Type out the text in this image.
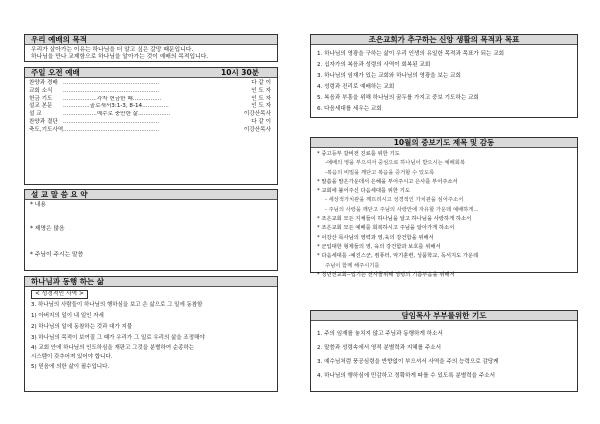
우리 예배의 목적
우리가 살아가는 이유는 하나님을 더 알고 싶은 갈망 때문입니다.
하나님을 만나 교제함으로 하나님을 알아가는 것이 예배의 목적입니다.
주일 오전 예배	10시 30분
찬양과 경배 ......................................................	다 같 이
교회 소식	......................................................	인 도 자
헌금 기도	...................각자 헌금한 때................	인 도 자
설교 본문	...............골로새서3:1-3, 8-14...............	인 도 자
설 교	...................예수로 충만한 삶..................	이강산목사
찬양과 결단 ......................................................	다 같 이
축도,기도사역 ......................................................	이강산목사
설 교 말 씀 요 약
* 내용
* 제명은 많음
* 주님이 주시는 말씀
하나님과 동행 하는 삶
< 성경적인 사역 >
3. 하나님의 사람들이 하나님의 행하심을 보고 은 삶으로 그 일에 동참함
1) 아버지의 일이 내 일인 자세
2) 하나님의 일에 동참하는 것과 대가 지불
3) 하나님의 목적이 보여질 그 때가 우리가 그 일로 우리의 삶을 조정해야
4) 교회 안에 하나님의 인도하심을 재판고 그것을 분별하여 순종하는
시스템이 갖추어져 있어야 합니다.
5) 믿음에 의한 삶이 필수입니다.
조은교회가 추구하는 신앙 생활의 목적과 목표
1. 하나님의 영광을 구하는 삶이 우리 인생의 유일한 목적과 목표가 되는 교회
2. 십자가의 복음과 성령의 사역이 회복된 교회
3. 하나님의 임재가 있는 교회와 하나님의 영광을 보는 교회
4. 성령과 진리로 예배하는 교회
5. 복음과 부흥을 위해 하나님의 꿈두를 가지고 중보 기도하는 교회
6. 다음세대를 세우는 교회
10월의 중보기도 제목 및 감동
* 중고등부 갈비전 진료를 위한 기도
-예배의 영을 부으셔서 중심으로 하나님이 받으시는 예배회복
-복음의 비밀을 깨닫고 복음을 증거할 수 있도록
* 말씀을 맘은가운데서 은혜을 부어주시고 은사를 부어주소서
* 교회에 불어주신 다음세대를 위한 기도
- 세상적가치관을 깨뜨리시고 성경적인 가치관을 심어주소서
- 주님의 사랑을 깨닫고 주님의 사랑안에 자유할 가운데 예배하게...
* 조은교회 모든 지체들이 하나님을 알고 하나님을 사랑하게 하소서
* 조은교회 모든 예배를 회복하시고 주님을 알아가게 하소서
* 이강산 목사님의 영력과 영,육의 강건함을 위해서
* 군입대한 형제들의 영, 육의 강건함과 보호를 위해서
* 다음세대를 -예진스군, 컴퓨터, 악기훈련, 성품학교, 독서지도 가운데
주님이 함께 해주시기를
* 청년선교회--업기는 선사들위해 성령의 기름부음을 위해서
담임목사 부부를위한 기도
1. 주의 임재를 놓치지 않고 주님과 동행하게 하소서
2. 말씀과 성령속에서 영적 분별력과 지혜를 주소서
3. 예수님처럼 풍공심령을 반향없이 부으셔서 사역을 주의 능력으로 감당케
4. 하나님의 행하심에 민감하고 정확하게 따를 수 있도록 분별력을 주소서
